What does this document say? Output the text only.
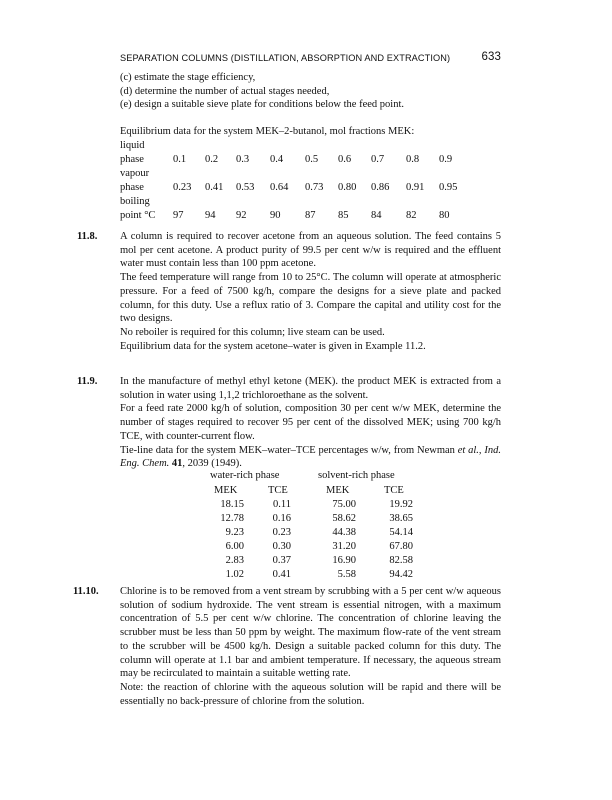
SEPARATION COLUMNS (DISTILLATION, ABSORPTION AND EXTRACTION)	633

(c) estimate the stage efficiency,

(d) determine the number of actual stages needed,

(e) design a suitable sieve plate for conditions below the feed point.

Equilibrium data for the system MEK–2-butanol, mol fractions MEK:

liquid
phase	0.1 0.2 0.3 0.4 0.5 0.6 0.7 0.8 0.9
vapour
phase	0.23 0.41 0.53 0.64 0.73 0.80 0.86 0.91 0.95
boiling
point °C 97 94 92 90 87 85 84 82 80
11.8. A column is required to recover acetone from an aqueous solution. The feed contains 5 mol per cent acetone. A product purity of 99.5 per cent w/w is required and the effluent water must contain less than 100 ppm acetone.

The feed temperature will range from 10 to 25°C. The column will operate at atmospheric pressure. For a feed of 7500 kg/h, compare the designs for a sieve plate and packed column, for this duty. Use a reflux ratio of 3. Compare the capital and utility cost for the two designs.

No reboiler is required for this column; live steam can be used.

Equilibrium data for the system acetone–water is given in Example 11.2.

11.9. In the manufacture of methyl ethyl ketone (MEK). the product MEK is extracted from a solution in water using 1,1,2 trichloroethane as the solvent.

For a feed rate 2000 kg/h of solution, composition 30 per cent w/w MEK, determine the number of stages required to recover 95 per cent of the dissolved MEK; using 700 kg/h TCE, with counter-current flow.

Tie-line data for the system MEK–water–TCE percentages w/w, from Newman et al., Ind. Eng. Chem. 41, 2039 (1949).

water-rich phase	solvent-rich phase
MEK	TCE	MEK	TCE
18.15	0.11	75.00	19.92
12.78	0.16	58.62	38.65
9.23	0.23	44.38	54.14
6.00	0.30	31.20	67.80
2.83	0.37	16.90	82.58
1.02	0.41	5.58	94.42
11.10. Chlorine is to be removed from a vent stream by scrubbing with a 5 per cent w/w aqueous solution of sodium hydroxide. The vent stream is essential nitrogen, with a maximum concentration of 5.5 per cent w/w chlorine. The concentration of chlorine leaving the scrubber must be less than 50 ppm by weight. The maximum flow-rate of the vent stream to the scrubber will be 4500 kg/h. Design a suitable packed column for this duty. The column will operate at 1.1 bar and ambient temperature. If necessary, the aqueous stream may be recirculated to maintain a suitable wetting rate.

Note: the reaction of chlorine with the aqueous solution will be rapid and there will be essentially no back-pressure of chlorine from the solution.
